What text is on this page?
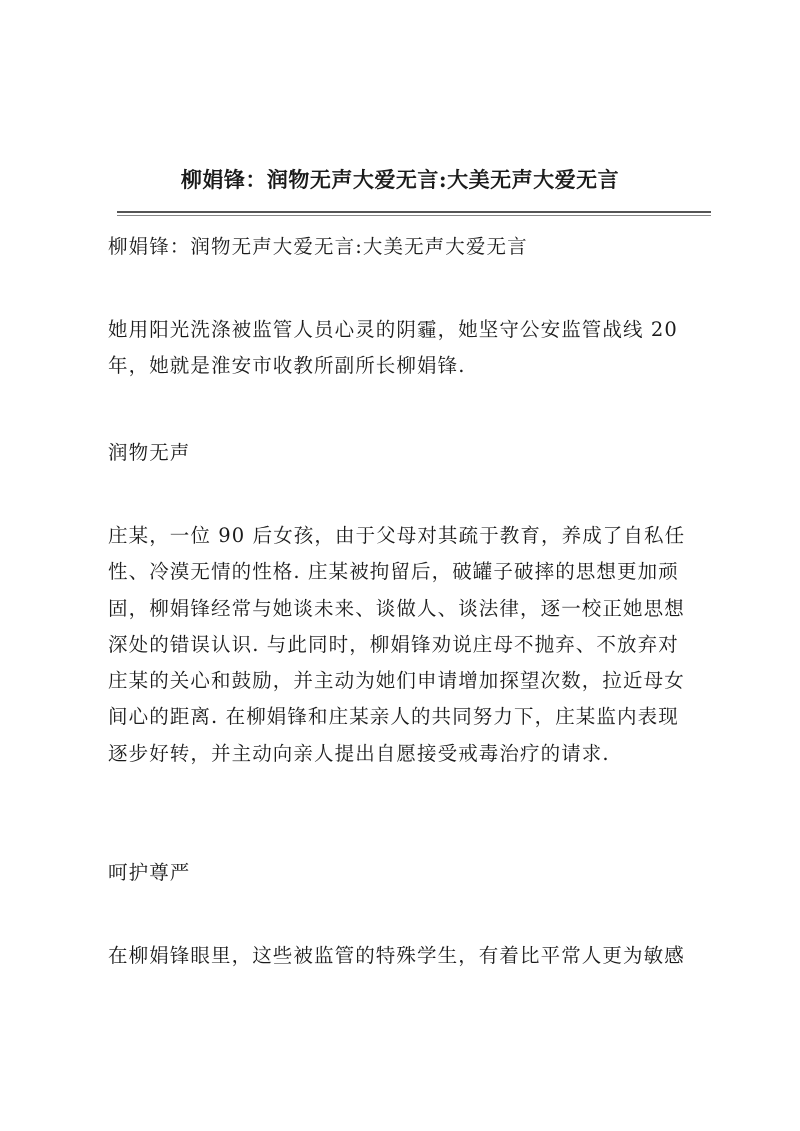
柳娟锋：润物无声大爱无言:大美无声大爱无言

柳娟锋：润物无声大爱无言:大美无声大爱无言

她用阳光洗涤被监管人员心灵的阴霾，她坚守公安监管战线 20
年，她就是淮安市收教所副所长柳娟锋.

润物无声

庄某，一位 90 后女孩，由于父母对其疏于教育，养成了自私任
性、冷漠无情的性格. 庄某被拘留后，破罐子破摔的思想更加顽
固，柳娟锋经常与她谈未来、谈做人、谈法律，逐一校正她思想
深处的错误认识. 与此同时，柳娟锋劝说庄母不抛弃、不放弃对
庄某的关心和鼓励，并主动为她们申请增加探望次数，拉近母女
间心的距离. 在柳娟锋和庄某亲人的共同努力下，庄某监内表现
逐步好转，并主动向亲人提出自愿接受戒毒治疗的请求.

呵护尊严

在柳娟锋眼里，这些被监管的特殊学生，有着比平常人更为敏感
